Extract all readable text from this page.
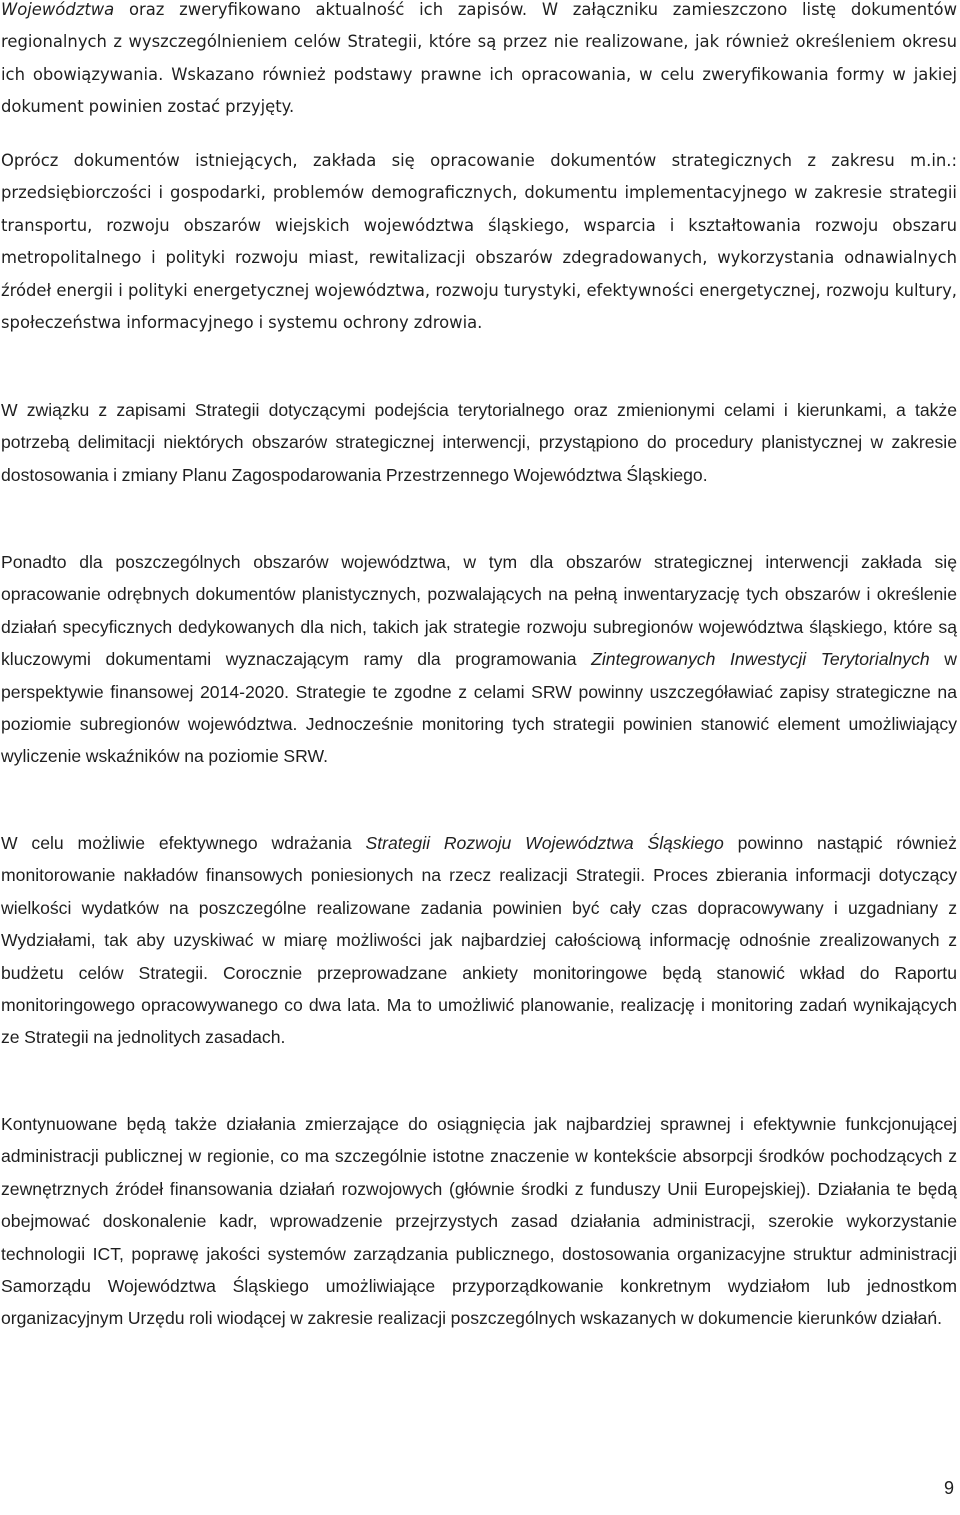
Województwa oraz zweryfikowano aktualność ich zapisów. W załączniku zamieszczono listę dokumentów regionalnych z wyszczególnieniem celów Strategii, które są przez nie realizowane, jak również określeniem okresu ich obowiązywania. Wskazano również podstawy prawne ich opracowania, w celu zweryfikowania formy w jakiej dokument powinien zostać przyjęty.

Oprócz dokumentów istniejących, zakłada się opracowanie dokumentów strategicznych z zakresu m.in.: przedsiębiorczości i gospodarki, problemów demograficznych, dokumentu implementacyjnego w zakresie strategii transportu, rozwoju obszarów wiejskich województwa śląskiego, wsparcia i kształtowania rozwoju obszaru metropolitalnego i polityki rozwoju miast, rewitalizacji obszarów zdegradowanych, wykorzystania odnawialnych źródeł energii i polityki energetycznej województwa, rozwoju turystyki, efektywności energetycznej, rozwoju kultury, społeczeństwa informacyjnego i systemu ochrony zdrowia.

W związku z zapisami Strategii dotyczącymi podejścia terytorialnego oraz zmienionymi celami i kierunkami, a także potrzebą delimitacji niektórych obszarów strategicznej interwencji, przystąpiono do procedury planistycznej w zakresie dostosowania i zmiany Planu Zagospodarowania Przestrzennego Województwa Śląskiego.

Ponadto dla poszczególnych obszarów województwa, w tym dla obszarów strategicznej interwencji zakłada się opracowanie odrębnych dokumentów planistycznych, pozwalających na pełną inwentaryzację tych obszarów i określenie działań specyficznych dedykowanych dla nich, takich jak strategie rozwoju subregionów województwa śląskiego, które są kluczowymi dokumentami wyznaczającym ramy dla programowania Zintegrowanych Inwestycji Terytorialnych w perspektywie finansowej 2014-2020. Strategie te zgodne z celami SRW powinny uszczegóławiać zapisy strategiczne na poziomie subregionów województwa. Jednocześnie monitoring tych strategii powinien stanowić element umożliwiający wyliczenie wskaźników na poziomie SRW.

W celu możliwie efektywnego wdrażania Strategii Rozwoju Województwa Śląskiego powinno nastąpić również monitorowanie nakładów finansowych poniesionych na rzecz realizacji Strategii. Proces zbierania informacji dotyczący wielkości wydatków na poszczególne realizowane zadania powinien być cały czas dopracowywany i uzgadniany z Wydziałami, tak aby uzyskiwać w miarę możliwości jak najbardziej całościową informację odnośnie zrealizowanych z budżetu celów Strategii. Corocznie przeprowadzane ankiety monitoringowe będą stanowić wkład do Raportu monitoringowego opracowywanego co dwa lata. Ma to umożliwić planowanie, realizację i monitoring zadań wynikających ze Strategii na jednolitych zasadach.

Kontynuowane będą także działania zmierzające do osiągnięcia jak najbardziej sprawnej i efektywnie funkcjonującej administracji publicznej w regionie, co ma szczególnie istotne znaczenie w kontekście absorpcji środków pochodzących z zewnętrznych źródeł finansowania działań rozwojowych (głównie środki z funduszy Unii Europejskiej). Działania te będą obejmować doskonalenie kadr, wprowadzenie przejrzystych zasad działania administracji, szerokie wykorzystanie technologii ICT, poprawę jakości systemów zarządzania publicznego, dostosowania organizacyjne struktur administracji Samorządu Województwa Śląskiego umożliwiające przyporządkowanie konkretnym wydziałom lub jednostkom organizacyjnym Urzędu roli wiodącej w zakresie realizacji poszczególnych wskazanych w dokumencie kierunków działań.

9
